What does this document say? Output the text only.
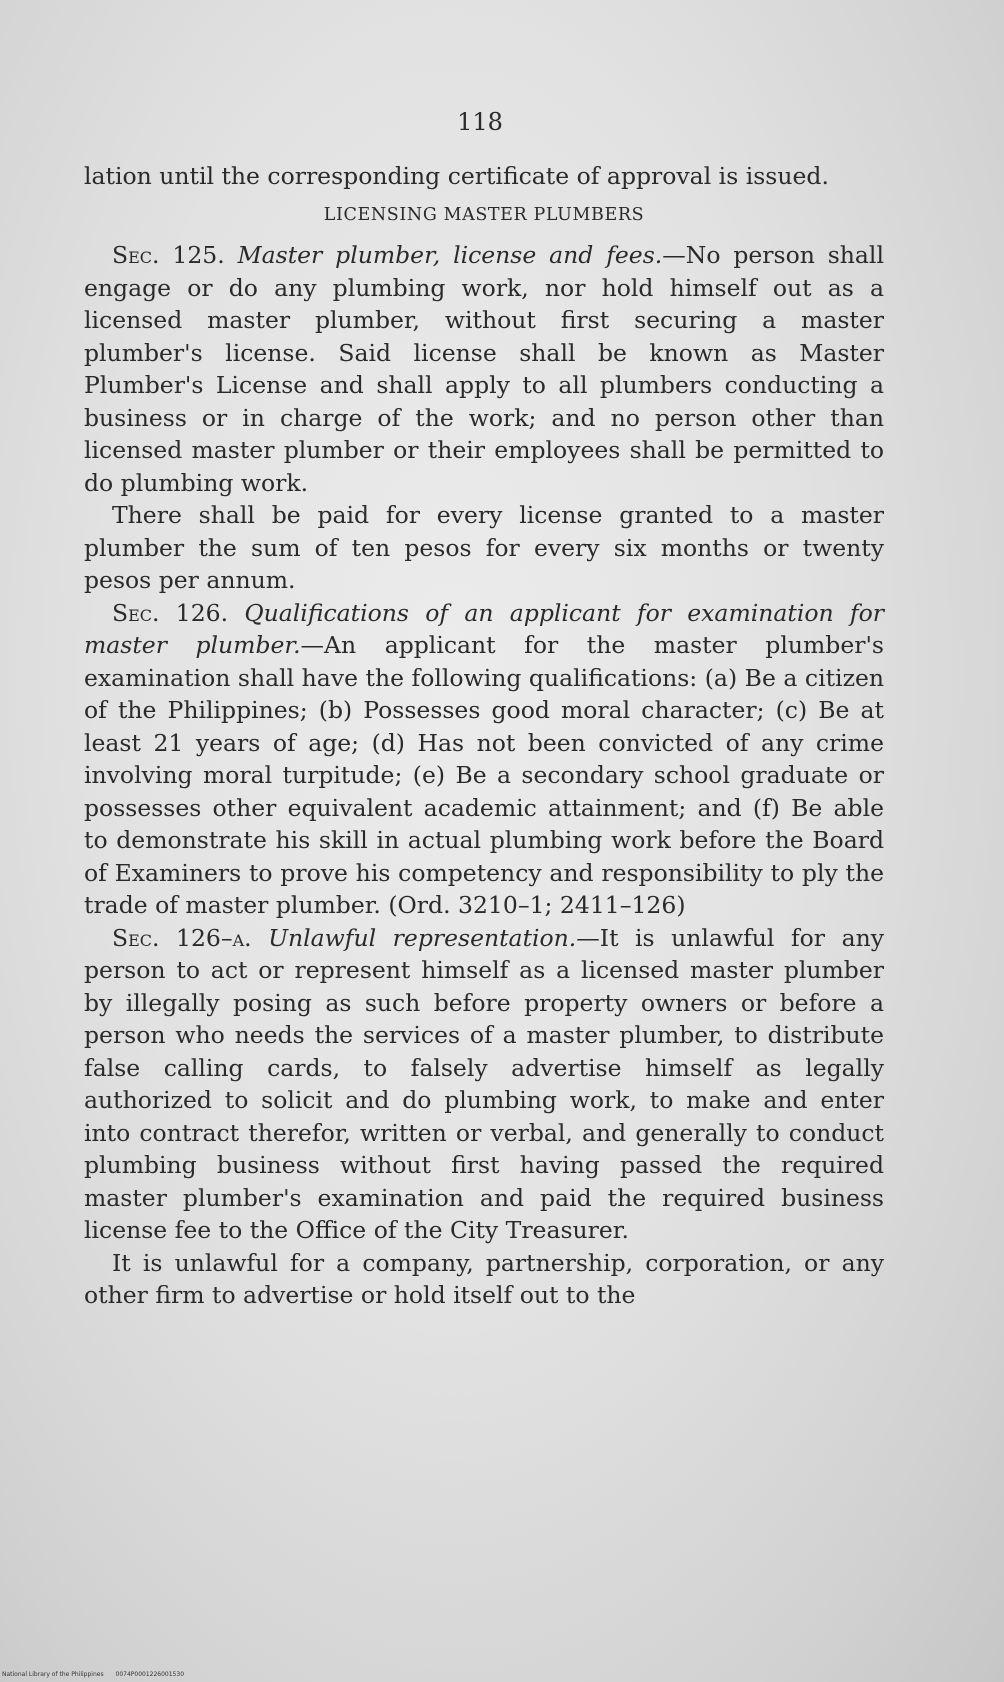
118

lation until the corresponding certificate of approval is issued.

LICENSING MASTER PLUMBERS

Sec. 125. Master plumber, license and fees.—No person shall engage or do any plumbing work, nor hold himself out as a licensed master plumber, without first securing a master plumber's license. Said license shall be known as Master Plumber's License and shall apply to all plumbers conducting a business or in charge of the work; and no person other than licensed master plumber or their employees shall be permitted to do plumbing work.

There shall be paid for every license granted to a master plumber the sum of ten pesos for every six months or twenty pesos per annum.

Sec. 126. Qualifications of an applicant for examination for master plumber.—An applicant for the master plumber's examination shall have the following qualifications: (a) Be a citizen of the Philippines; (b) Possesses good moral character; (c) Be at least 21 years of age; (d) Has not been convicted of any crime involving moral turpitude; (e) Be a secondary school graduate or possesses other equivalent academic attainment; and (f) Be able to demonstrate his skill in actual plumbing work before the Board of Examiners to prove his competency and responsibility to ply the trade of master plumber. (Ord. 3210–1; 2411–126)

Sec. 126–a. Unlawful representation.—It is unlawful for any person to act or represent himself as a licensed master plumber by illegally posing as such before property owners or before a person who needs the services of a master plumber, to distribute false calling cards, to falsely advertise himself as legally authorized to solicit and do plumbing work, to make and enter into contract therefor, written or verbal, and generally to conduct plumbing business without first having passed the required master plumber's examination and paid the required business license fee to the Office of the City Treasurer.

It is unlawful for a company, partnership, corporation, or any other firm to advertise or hold itself out to the

National Library of the Philippines 0074P0001226001530
